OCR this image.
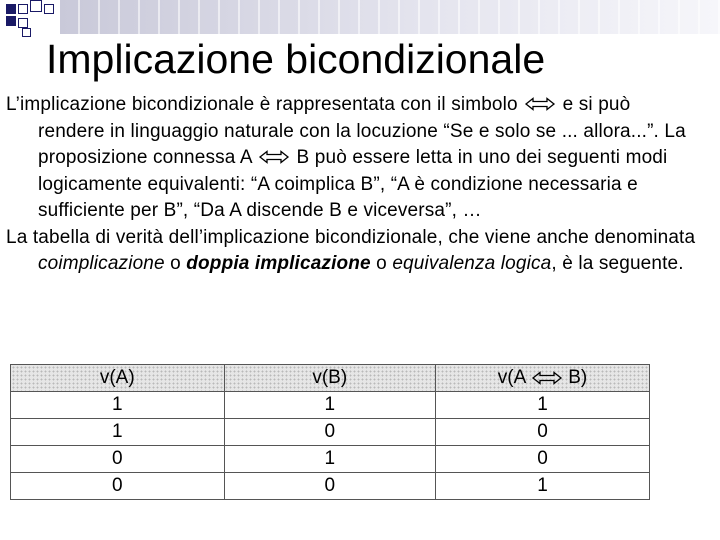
Implicazione bicondizionale

L’implicazione bicondizionale è rappresentata con il simbolo
e si può rendere in linguaggio naturale con la locuzione “Se e solo se ... allora...”. La proposizione connessa A
B può essere letta in uno dei seguenti modi logicamente equivalenti: “A coimplica B”, “A è condizione necessaria e sufficiente per B”, “Da A discende B e viceversa”, …

La tabella di verità dell’implicazione bicondizionale, che viene anche denominata coimplicazione o doppia implicazione o equivalenza logica, è la seguente.

v(A)	v(B)	v(A B)

1	1	1
1	0	0
0	1	0
0	0	1
